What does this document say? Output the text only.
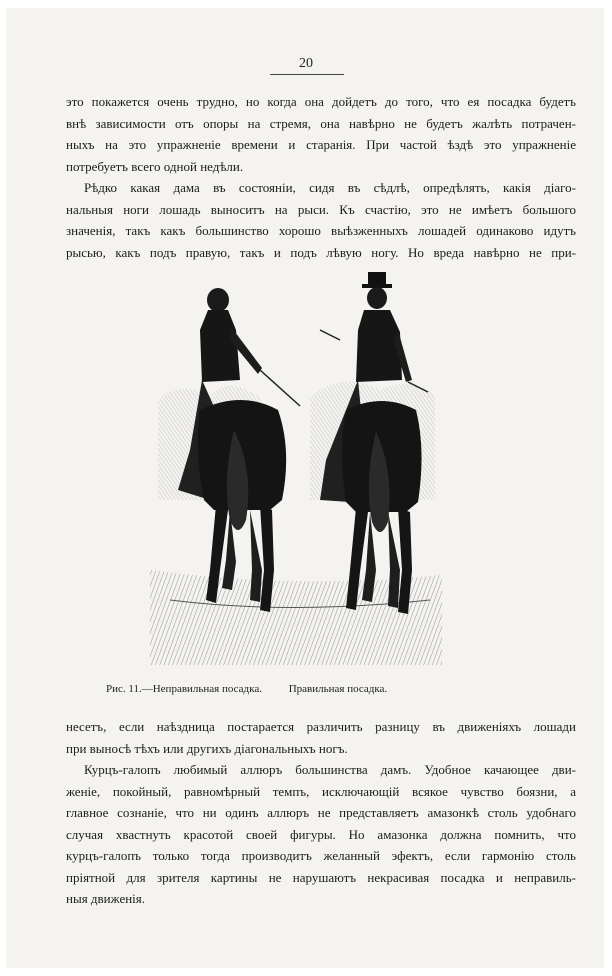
20
это покажется очень трудно, но когда она дойдетъ до того, что ея посадка будетъ
внѣ зависимости отъ опоры на стремя, она навѣрно не будетъ жалѣть потрачен-
ныхъ на это упражненіе времени и старанія. При частой ѣздѣ это упражненіе
потребуетъ всего одной недѣли.
Рѣдко какая дама въ состояніи, сидя въ сѣдлѣ, опредѣлять, какія діаго-
нальныя ноги лошадь выноситъ на рыси. Къ счастію, это не имѣетъ большого
значенія, такъ какъ большинство хорошо выѣзженныхъ лошадей одинаково идутъ
рысью, какъ подъ правую, такъ и подъ лѣвую ногу. Но вреда навѣрно не при-
Рис. 11.—Неправильная посадка. Правильная посадка.
несетъ, если наѣздница постарается различить разницу въ движеніяхъ лошади
при выносѣ тѣхъ или другихъ діагональныхъ ногъ.
Курцъ-галопъ любимый аллюръ большинства дамъ. Удобное качающее дви-
женіе, покойный, равномѣрный темпъ, исключающій всякое чувство боязни, а
главное сознаніе, что ни одинъ аллюръ не представляетъ амазонкѣ столь удобнаго
случая хвастнуть красотой своей фигуры. Но амазонка должна помнить, что
курцъ-галопъ только тогда производитъ желанный эфектъ, если гармонію столь
пріятной для зрителя картины не нарушаютъ некрасивая посадка и неправиль-
ныя движенія.
